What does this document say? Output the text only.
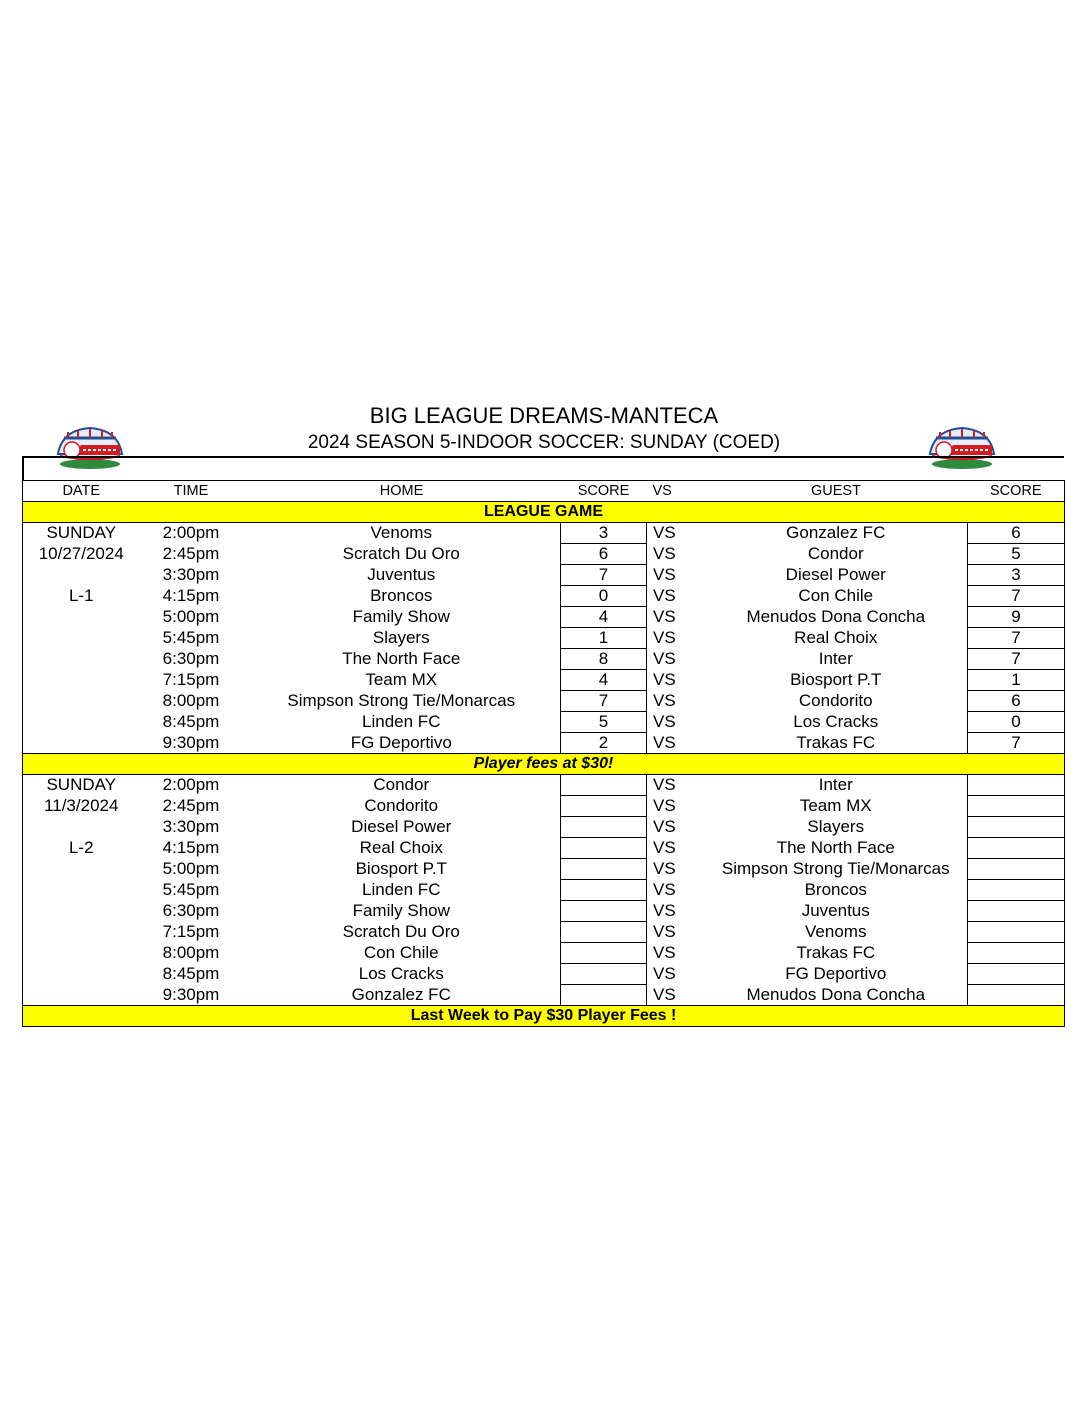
BIG LEAGUE DREAMS-MANTECA
2024 SEASON 5-INDOOR SOCCER: SUNDAY (COED)
DATE	TIME	HOME	SCORE	VS	GUEST	SCORE
LEAGUE GAME						
SUNDAY	2:00pm	Venoms	3	VS	Gonzalez FC	6
10/27/2024	2:45pm	Scratch Du Oro	6	VS	Condor	5
	3:30pm	Juventus	7	VS	Diesel Power	3
L-1	4:15pm	Broncos	0	VS	Con Chile	7
	5:00pm	Family Show	4	VS	Menudos Dona Concha	9
	5:45pm	Slayers	1	VS	Real Choix	7
	6:30pm	The North Face	8	VS	Inter	7
	7:15pm	Team MX	4	VS	Biosport P.T	1
	8:00pm	Simpson Strong Tie/Monarcas	7	VS	Condorito	6
	8:45pm	Linden FC	5	VS	Los Cracks	0
	9:30pm	FG Deportivo	2	VS	Trakas FC	7
Player fees at $30!						
SUNDAY	2:00pm	Condor		VS	Inter	
11/3/2024	2:45pm	Condorito		VS	Team MX	
	3:30pm	Diesel Power		VS	Slayers	
L-2	4:15pm	Real Choix		VS	The North Face	
	5:00pm	Biosport P.T		VS	Simpson Strong Tie/Monarcas	
	5:45pm	Linden FC		VS	Broncos	
	6:30pm	Family Show		VS	Juventus	
	7:15pm	Scratch Du Oro		VS	Venoms	
	8:00pm	Con Chile		VS	Trakas FC	
	8:45pm	Los Cracks		VS	FG Deportivo	
	9:30pm	Gonzalez FC		VS	Menudos Dona Concha	
Last Week to Pay $30 Player Fees !						
